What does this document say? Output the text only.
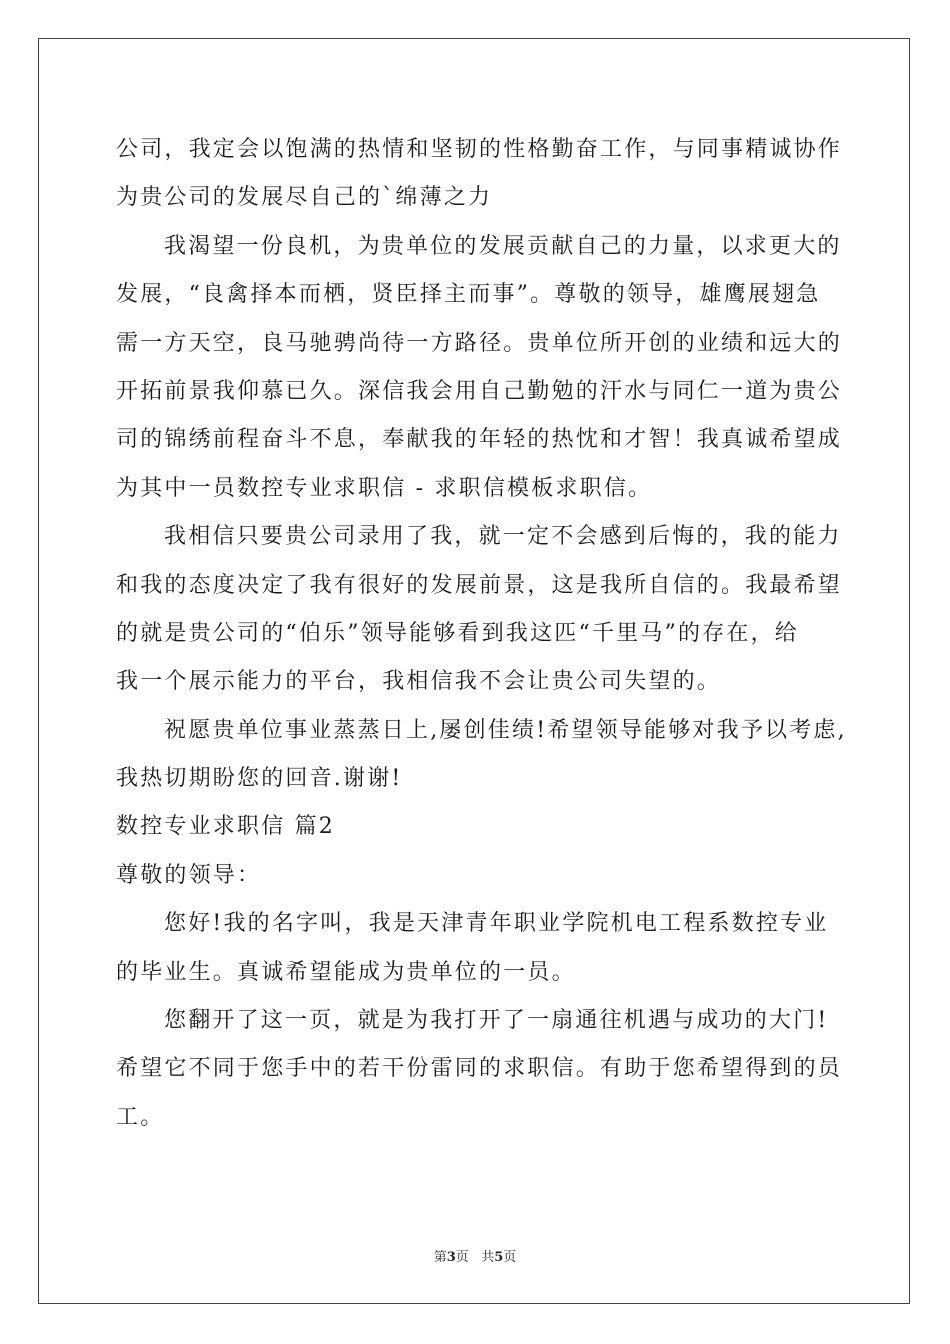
公司，我定会以饱满的热情和坚韧的性格勤奋工作，与同事精诚协作
为贵公司的发展尽自己的`绵薄之力
我渴望一份良机，为贵单位的发展贡献自己的力量，以求更大的
发展，“良禽择本而栖，贤臣择主而事”。尊敬的领导，雄鹰展翅急
需一方天空，良马驰骋尚待一方路径。贵单位所开创的业绩和远大的
开拓前景我仰慕已久。深信我会用自己勤勉的汗水与同仁一道为贵公
司的锦绣前程奋斗不息，奉献我的年轻的热忱和才智！我真诚希望成
为其中一员数控专业求职信 - 求职信模板求职信。
我相信只要贵公司录用了我，就一定不会感到后悔的，我的能力
和我的态度决定了我有很好的发展前景，这是我所自信的。我最希望
的就是贵公司的“伯乐”领导能够看到我这匹“千里马”的存在，给
我一个展示能力的平台，我相信我不会让贵公司失望的。
祝愿贵单位事业蒸蒸日上,屡创佳绩!希望领导能够对我予以考虑,
我热切期盼您的回音.谢谢!
数控专业求职信 篇2
尊敬的领导：
您好!我的名字叫，我是天津青年职业学院机电工程系数控专业
的毕业生。真诚希望能成为贵单位的一员。
您翻开了这一页，就是为我打开了一扇通往机遇与成功的大门!
希望它不同于您手中的若干份雷同的求职信。有助于您希望得到的员
工。
第3页   共5页
